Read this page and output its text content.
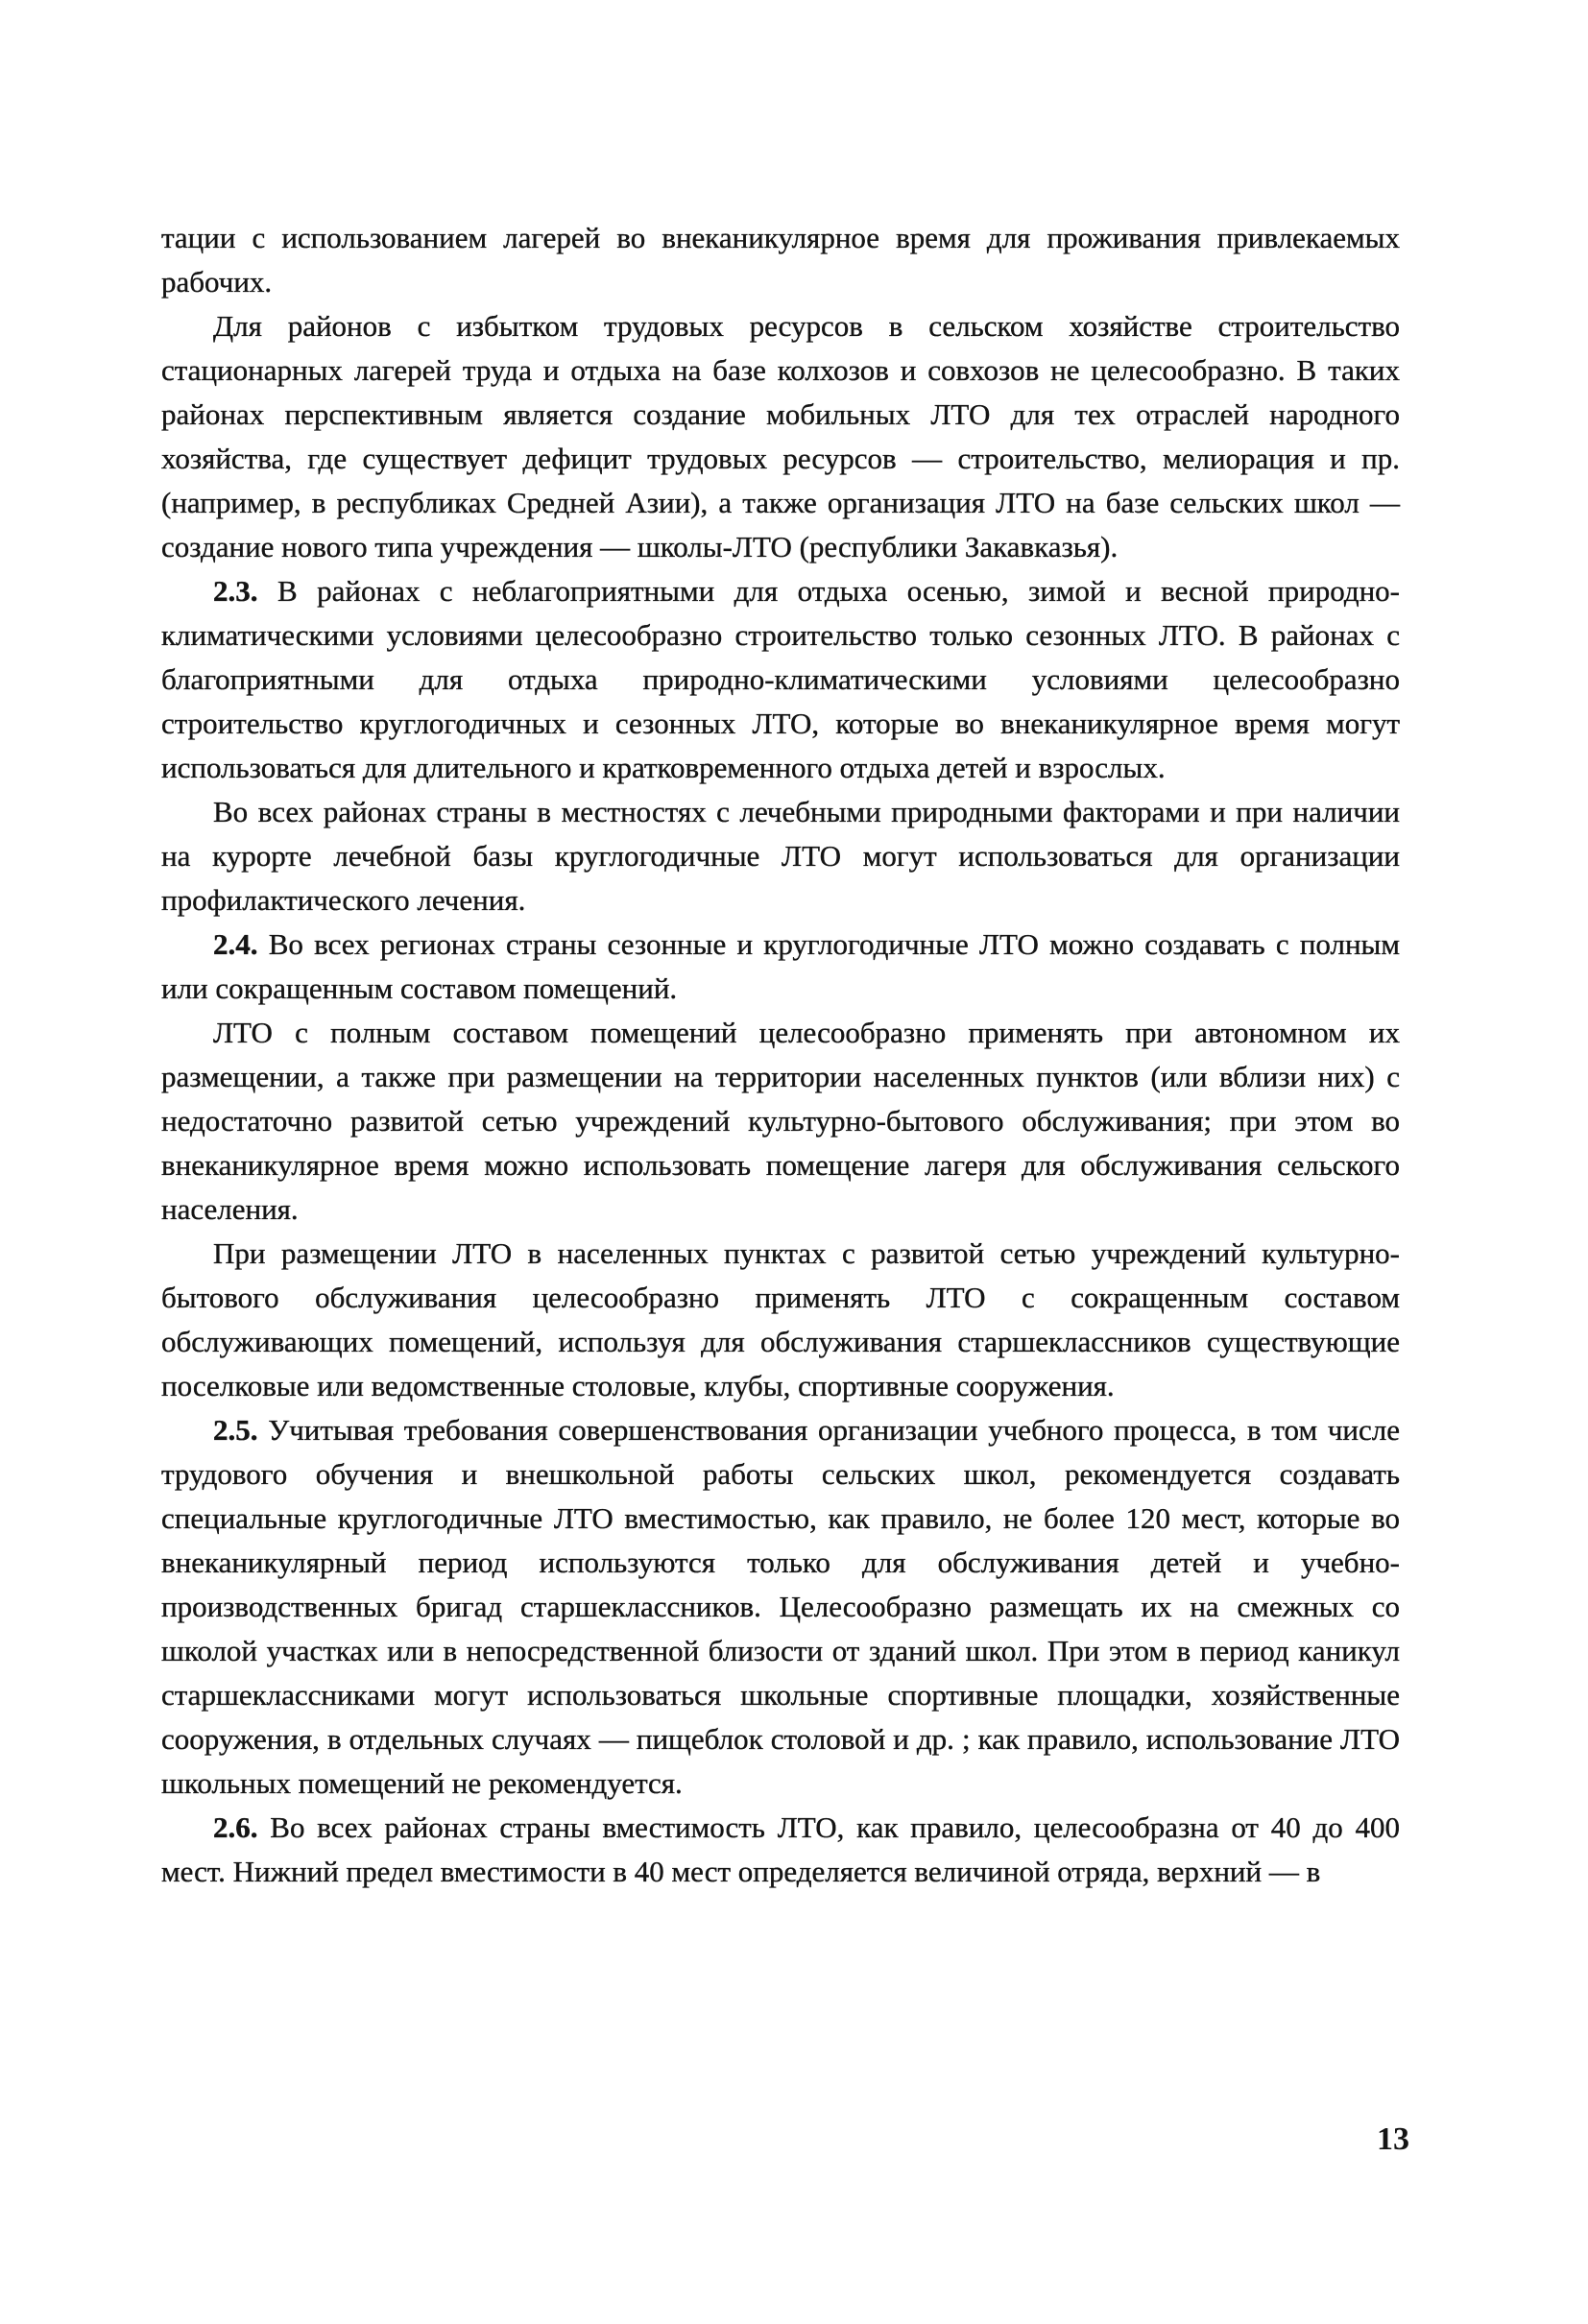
тации с использованием лагерей во внеканикулярное время для проживания привлекаемых рабочих.

Для районов с избытком трудовых ресурсов в сельском хозяйстве строительство стационарных лагерей труда и отдыха на базе колхозов и совхозов не целесообразно. В таких районах перспективным является создание мобильных ЛТО для тех отраслей народного хозяйства, где существует дефицит трудовых ресурсов — строительство, мелиорация и пр. (например, в республиках Средней Азии), а также организация ЛТО на базе сельских школ — создание нового типа учреждения — школы-ЛТО (республики Закавказья).

2.3. В районах с неблагоприятными для отдыха осенью, зимой и весной природно-климатическими условиями целесообразно строительство только сезонных ЛТО. В районах с благоприятными для отдыха природно-климатическими условиями целесообразно строительство круглогодичных и сезонных ЛТО, которые во внеканикулярное время могут использоваться для длительного и кратковременного отдыха детей и взрослых.

Во всех районах страны в местностях с лечебными природными факторами и при наличии на курорте лечебной базы круглогодичные ЛТО могут использоваться для организации профилактического лечения.

2.4. Во всех регионах страны сезонные и круглогодичные ЛТО можно создавать с полным или сокращенным составом помещений.

ЛТО с полным составом помещений целесообразно применять при автономном их размещении, а также при размещении на территории населенных пунктов (или вблизи них) с недостаточно развитой сетью учреждений культурно-бытового обслуживания; при этом во внеканикулярное время можно использовать помещение лагеря для обслуживания сельского населения.

При размещении ЛТО в населенных пунктах с развитой сетью учреждений культурно-бытового обслуживания целесообразно применять ЛТО с сокращенным составом обслуживающих помещений, используя для обслуживания старшеклассников существующие поселковые или ведомственные столовые, клубы, спортивные сооружения.

2.5. Учитывая требования совершенствования организации учебного процесса, в том числе трудового обучения и внешкольной работы сельских школ, рекомендуется создавать специальные круглогодичные ЛТО вместимостью, как правило, не более 120 мест, которые во внеканикулярный период используются только для обслуживания детей и учебно-производственных бригад старшеклассников. Целесообразно размещать их на смежных со школой участках или в непосредственной близости от зданий школ. При этом в период каникул старшеклассниками могут использоваться школьные спортивные площадки, хозяйственные сооружения, в отдельных случаях — пищеблок столовой и др. ; как правило, использование ЛТО школьных помещений не рекомендуется.

2.6. Во всех районах страны вместимость ЛТО, как правило, целесообразна от 40 до 400 мест. Нижний предел вместимости в 40 мест определяется величиной отряда, верхний — в

13
